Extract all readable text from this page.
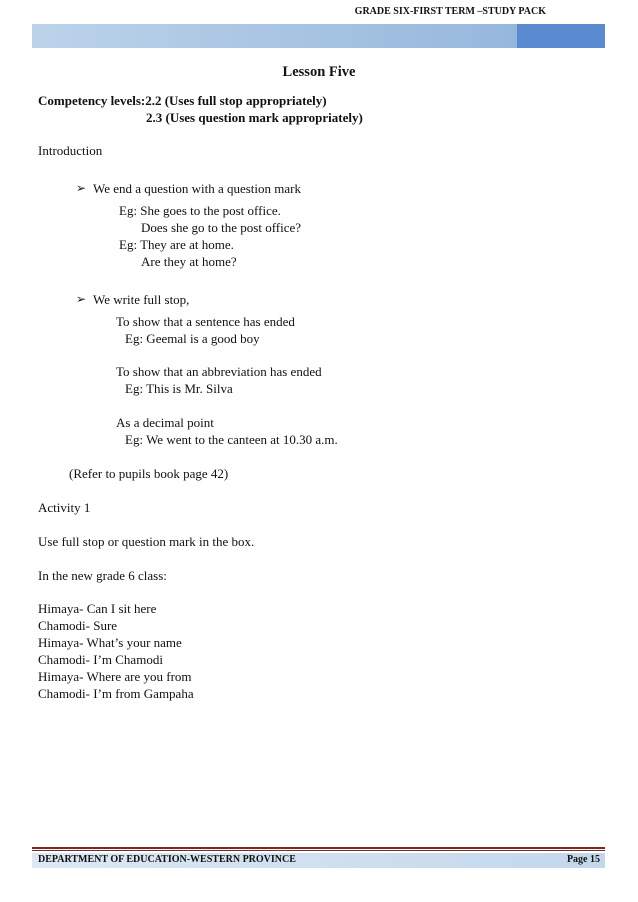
GRADE SIX-FIRST TERM –STUDY PACK
Lesson Five
Competency levels:2.2 (Uses full stop appropriately)
2.3 (Uses question mark appropriately)
Introduction
➢ We end a question with a question mark
Eg: She goes to the post office.
Does she go to the post office?
Eg: They are at home.
Are they at home?
➢ We write full stop,
To show that a sentence has ended
Eg: Geemal is a good boy
To show that an abbreviation has ended
Eg: This is Mr. Silva
As a decimal point
Eg: We went to the canteen at 10.30 a.m.
(Refer to pupils book page 42)
Activity 1
Use full stop or question mark in the box.
In the new grade 6 class:
Himaya- Can I sit here
Chamodi- Sure
Himaya- What’s your name
Chamodi- I’m Chamodi
Himaya- Where are you from
Chamodi- I’m from Gampaha
DEPARTMENT OF EDUCATION-WESTERN PROVINCE	Page 15
